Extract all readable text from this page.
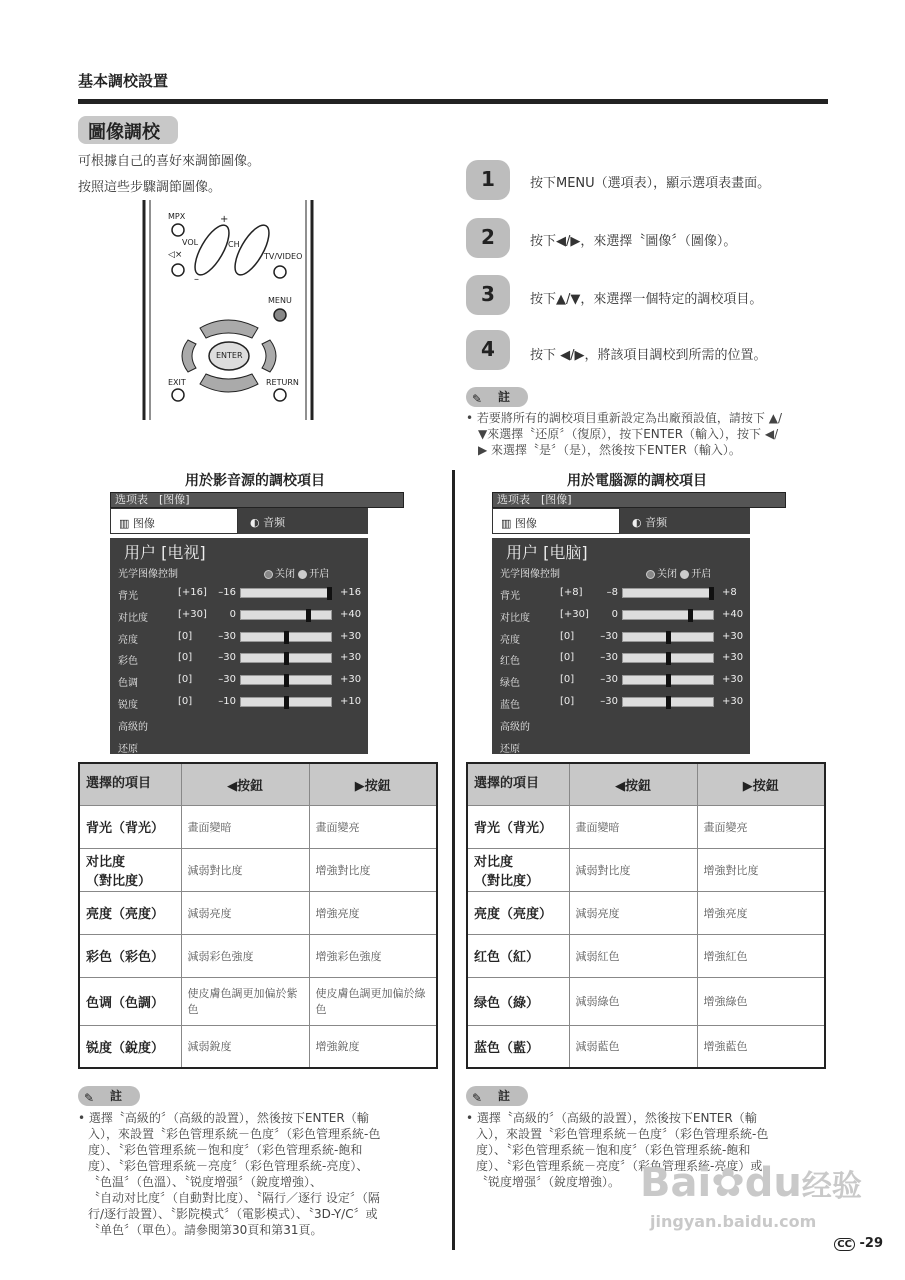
基本調校設置
圖像調校
可根據自己的喜好來調節圖像。
按照這些步驟調節圖像。
MPX
VOL	CH
+
–
◁×	TV/VIDEO
MENU
ENTER
EXIT	RETURN
1	按下MENU（選項表），顯示選項表畫面。
2	按下◀/▶，來選擇〝圖像〞（圖像）。
3	按下▲/▼，來選擇一個特定的調校項目。
4	按下 ◀/▶，將該項目調校到所需的位置。
✎ 註
• 若要將所有的調校項目重新設定為出廠預設值，請按下 ▲/
▼來選擇〝还原〞（復原），按下ENTER（輸入），按下 ◀/
▶ 來選擇〝是〞（是），然後按下ENTER（輸入）。
用於影音源的調校項目
选项表　[图像]
▥ 图像	◐ 音频
用户 [电视]
光学图像控制	关闭 开启
背光	[+16]	–16	+16
对比度	[+30]	0	+40
亮度	[0]	–30	+30
彩色	[0]	–30	+30
色调	[0]	–30	+30
锐度	[0]	–10	+10
高级的
还原
選擇的項目	◀按鈕	▶按鈕
背光（背光）	畫面變暗	畫面變亮
对比度
（對比度）	減弱對比度	增強對比度
亮度（亮度）	減弱亮度	增強亮度
彩色（彩色）	減弱彩色強度	增強彩色強度
色调（色調）	使皮膚色調更加偏於紫色	使皮膚色調更加偏於綠色
锐度（銳度）	減弱銳度	增強銳度
✎ 註
• 選擇〝高級的〞（高級的設置），然後按下ENTER（輸
入），來設置〝彩色管理系統－色度〞（彩色管理系統-色
度）、〝彩色管理系統－饱和度〞（彩色管理系統-飽和
度）、〝彩色管理系統－亮度〞（彩色管理系統-亮度）、
〝色温〞（色溫）、〝锐度增强〞（銳度增強）、
〝自动对比度〞（自動對比度）、〝隔行／逐行 设定〞（隔
行/逐行設置）、〝影院模式〞（電影模式）、〝3D-Y/C〞或
〝单色〞（單色）。請參閱第30頁和第31頁。
用於電腦源的調校項目
选项表　[图像]
▥ 图像	◐ 音频
用户 [电脑]
光学图像控制	关闭 开启
背光	[+8]	–8	+8
对比度	[+30]	0	+40
亮度	[0]	–30	+30
红色	[0]	–30	+30
绿色	[0]	–30	+30
蓝色	[0]	–30	+30
高级的
还原
選擇的項目	◀按鈕	▶按鈕
背光（背光）	畫面變暗	畫面變亮
对比度
（對比度）	減弱對比度	增強對比度
亮度（亮度）	減弱亮度	增強亮度
红色（紅）	減弱紅色	增強紅色
绿色（綠）	減弱綠色	增強綠色
蓝色（藍）	減弱藍色	增強藍色
✎ 註
• 選擇〝高級的〞（高級的設置），然後按下ENTER（輸
入），來設置〝彩色管理系統－色度〞（彩色管理系統-色
度）、〝彩色管理系統－饱和度〞（彩色管理系統-飽和
度）、〝彩色管理系統－亮度〞（彩色管理系統-亮度）或
〝锐度增强〞（銳度增強）。 Bai✿du经验
jingyan.baidu.com
CC -29
